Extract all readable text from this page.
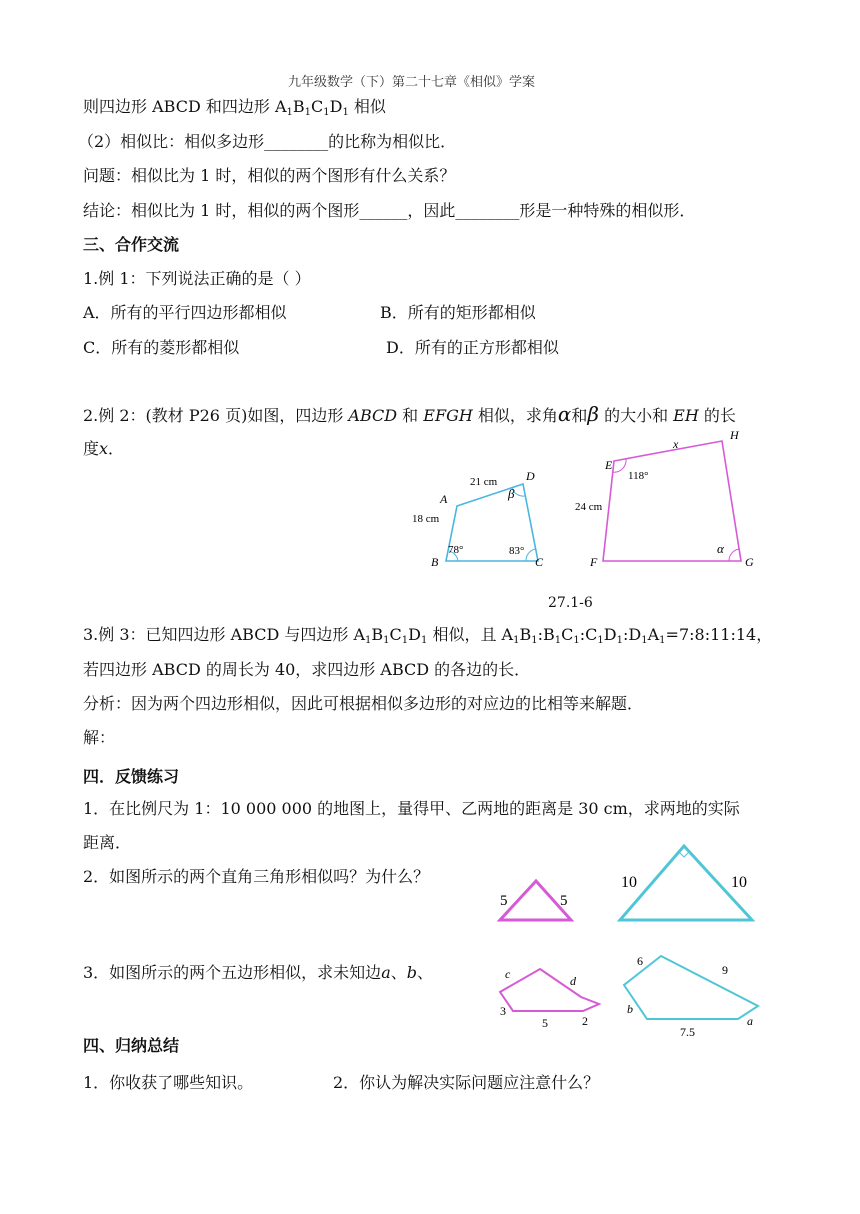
九年级数学（下）第二十七章《相似》学案
则四边形 ABCD 和四边形 $A_1B_1C_1D_1$ 相似
（2）相似比：相似多边形________的比称为相似比．
问题：相似比为 1 时，相似的两个图形有什么关系？
结论：相似比为 1 时，相似的两个图形______，因此________形是一种特殊的相似形．
三、合作交流
1.例 1：下列说法正确的是（ ）
A．所有的平行四边形都相似	B．所有的矩形都相似
C．所有的菱形都相似	D．所有的正方形都相似
2.例 2：(教材 P26 页)如图，四边形 ABCD 和 EFGH 相似，求角α和β 的大小和 EH 的长
度x．
A
B	C
D
21 cm
18 cm
78°	83°
β
E
F	G
H
x
24 cm
118°
α
27.1-6
3.例 3：已知四边形 ABCD 与四边形 $A_1B_1C_1D_1$ 相似，且 $A_1B_1:B_1C_1:C_1D_1:D_1A_1=7:8:11:14$，
若四边形 ABCD 的周长为 40，求四边形 ABCD 的各边的长．
分析：因为两个四边形相似，因此可根据相似多边形的对应边的比相等来解题．
解：
四．反馈练习
1．在比例尺为 1：10 000 000 的地图上，量得甲、乙两地的距离是 30 cm，求两地的实际
距离．
2．如图所示的两个直角三角形相似吗？为什么？
3．如图所示的两个五边形相似，求未知边a、b、
5	5
10	10
c	d
3
5	2
6
9
b
7.5
a
四、归纳总结
1．你收获了哪些知识。	2．你认为解决实际问题应注意什么？
